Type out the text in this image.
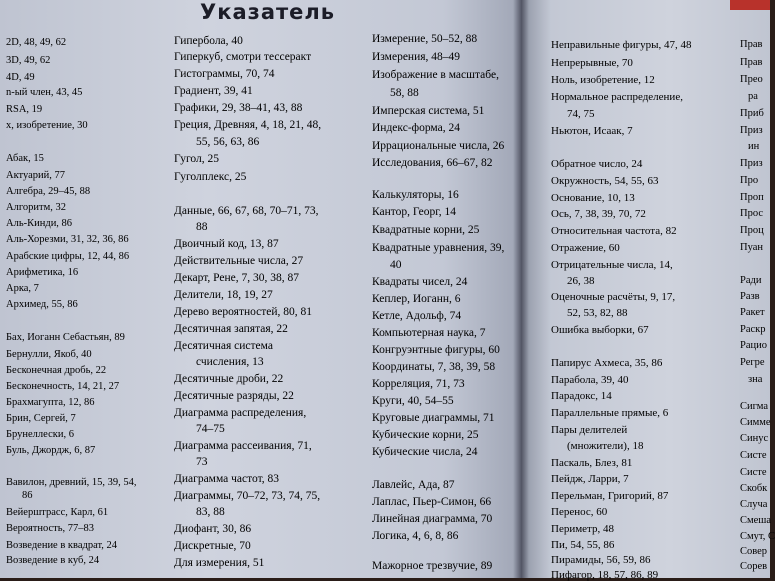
Указатель
2D, 48, 49, 62
3D, 49, 62
4D, 49
n-ый член, 43, 45
RSA, 19
x, изобретение, 30
Абак, 15
Актуарий, 77
Алгебра, 29–45, 88
Алгоритм, 32
Аль-Кинди, 86
Аль-Хорезми, 31, 32, 36, 86
Арабские цифры, 12, 44, 86
Арифметика, 16
Арка, 7
Архимед, 55, 86
Бах, Иоганн Себастьян, 89
Бернулли, Якоб, 40
Бесконечная дробь, 22
Бесконечность, 14, 21, 27
Брахмагупта, 12, 86
Брин, Сергей, 7
Брунеллески, 6
Буль, Джордж, 6, 87
Вавилон, древний, 15, 39, 54,
86
Вейерштрасс, Карл, 61
Вероятность, 77–83
Возведение в квадрат, 24
Возведение в куб, 24
Гипербола, 40
Гиперкуб, смотри тессеракт
Гистограммы, 70, 74
Градиент, 39, 41
Графики, 29, 38–41, 43, 88
Греция, Древняя, 4, 18, 21, 48,
55, 56, 63, 86
Гугол, 25
Гуголплекс, 25
Данные, 66, 67, 68, 70–71, 73,
88
Двоичный код, 13, 87
Действительные числа, 27
Декарт, Рене, 7, 30, 38, 87
Делители, 18, 19, 27
Дерево вероятностей, 80, 81
Десятичная запятая, 22
Десятичная система
счисления, 13
Десятичные дроби, 22
Десятичные разряды, 22
Диаграмма распределения,
74–75
Диаграмма рассеивания, 71,
73
Диаграмма частот, 83
Диаграммы, 70–72, 73, 74, 75,
83, 88
Диофант, 30, 86
Дискретные, 70
Для измерения, 51
Измерение, 50–52, 88
Измерения, 48–49
Изображение в масштабе,
58, 88
Имперская система, 51
Индекс-форма, 24
Иррациональные числа, 26
Исследования, 66–67, 82
Калькуляторы, 16
Кантор, Георг, 14
Квадратные корни, 25
Квадратные уравнения, 39,
40
Квадраты чисел, 24
Кеплер, Иоганн, 6
Кетле, Адольф, 74
Компьютерная наука, 7
Конгруэнтные фигуры, 60
Координаты, 7, 38, 39, 58
Корреляция, 71, 73
Круги, 40, 54–55
Круговые диаграммы, 71
Кубические корни, 25
Кубические числа, 24
Лавлейс, Ада, 87
Лаплас, Пьер-Симон, 66
Линейная диаграмма, 70
Логика, 4, 6, 8, 86
Мажорное трезвучие, 89
Неправильные фигуры, 47, 48
Непрерывные, 70
Ноль, изобретение, 12
Нормальное распределение,
74, 75
Ньютон, Исаак, 7
Обратное число, 24
Окружность, 54, 55, 63
Основание, 10, 13
Ось, 7, 38, 39, 70, 72
Относительная частота, 82
Отражение, 60
Отрицательные числа, 14,
26, 38
Оценочные расчёты, 9, 17,
52, 53, 82, 88
Ошибка выборки, 67
Папирус Ахмеса, 35, 86
Парабола, 39, 40
Парадокс, 14
Параллельные прямые, 6
Пары делителей
(множители), 18
Паскаль, Блез, 81
Пейдж, Ларри, 7
Перельман, Григорий, 87
Перенос, 60
Периметр, 48
Пи, 54, 55, 86
Пирамиды, 56, 59, 86
Пифагор, 18, 57, 86, 89
Прав
Прав
Прео
ра
Приб
Приз
ин
Приз
Про
Проп
Прос
Проц
Пуан
Ради
Разв
Ракет
Раскр
Рацио
Регре
зна
Сигма
Симме
Синус
Систе
Систе
Скобк
Случа
Смеша
Смут, С
Совер
Сорев
